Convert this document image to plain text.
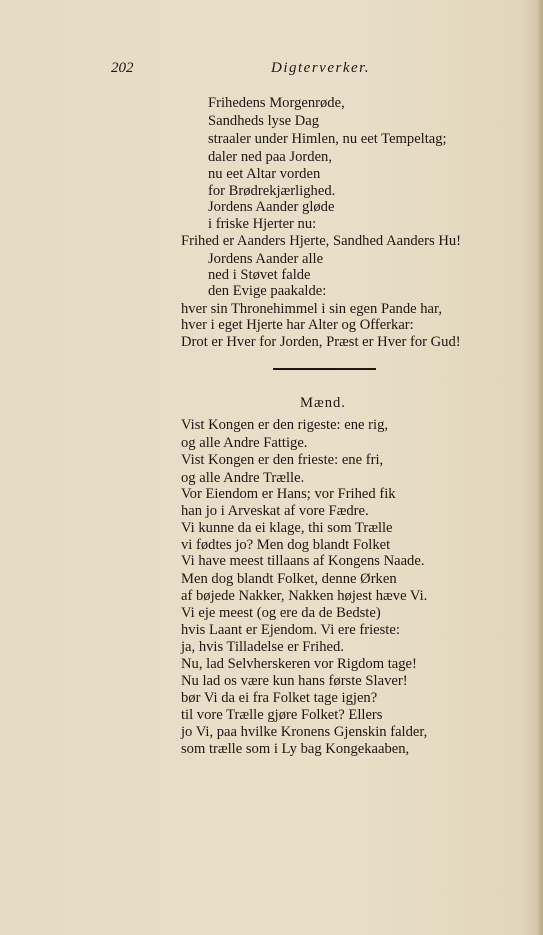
202	Digterverker.
Frihedens Morgenrøde,
Sandheds lyse Dag
straaler under Himlen, nu eet Tempeltag;
daler ned paa Jorden,
nu eet Altar vorden
for Brødrekjærlighed.
Jordens Aander gløde
i friske Hjerter nu:
Frihed er Aanders Hjerte, Sandhed Aanders Hu!
Jordens Aander alle
ned i Støvet falde
den Evige paakalde:
hver sin Thronehimmel i sin egen Pande har,
hver i eget Hjerte har Alter og Offerkar:
Drot er Hver for Jorden, Præst er Hver for Gud!
Mænd.
Vist Kongen er den rigeste: ene rig,
og alle Andre Fattige.
Vist Kongen er den frieste: ene fri,
og alle Andre Trælle.
Vor Eiendom er Hans; vor Frihed fik
han jo i Arveskat af vore Fædre.
Vi kunne da ei klage, thi som Trælle
vi fødtes jo? Men dog blandt Folket
Vi have meest tillaans af Kongens Naade.
Men dog blandt Folket, denne Ørken
af bøjede Nakker, Nakken højest hæve Vi.
Vi eje meest (og ere da de Bedste)
hvis Laant er Ejendom. Vi ere frieste:
ja, hvis Tilladelse er Frihed.
Nu, lad Selvherskeren vor Rigdom tage!
Nu lad os være kun hans første Slaver!
bør Vi da ei fra Folket tage igjen?
til vore Trælle gjøre Folket? Ellers
jo Vi, paa hvilke Kronens Gjenskin falder,
som trælle som i Ly bag Kongekaaben,
